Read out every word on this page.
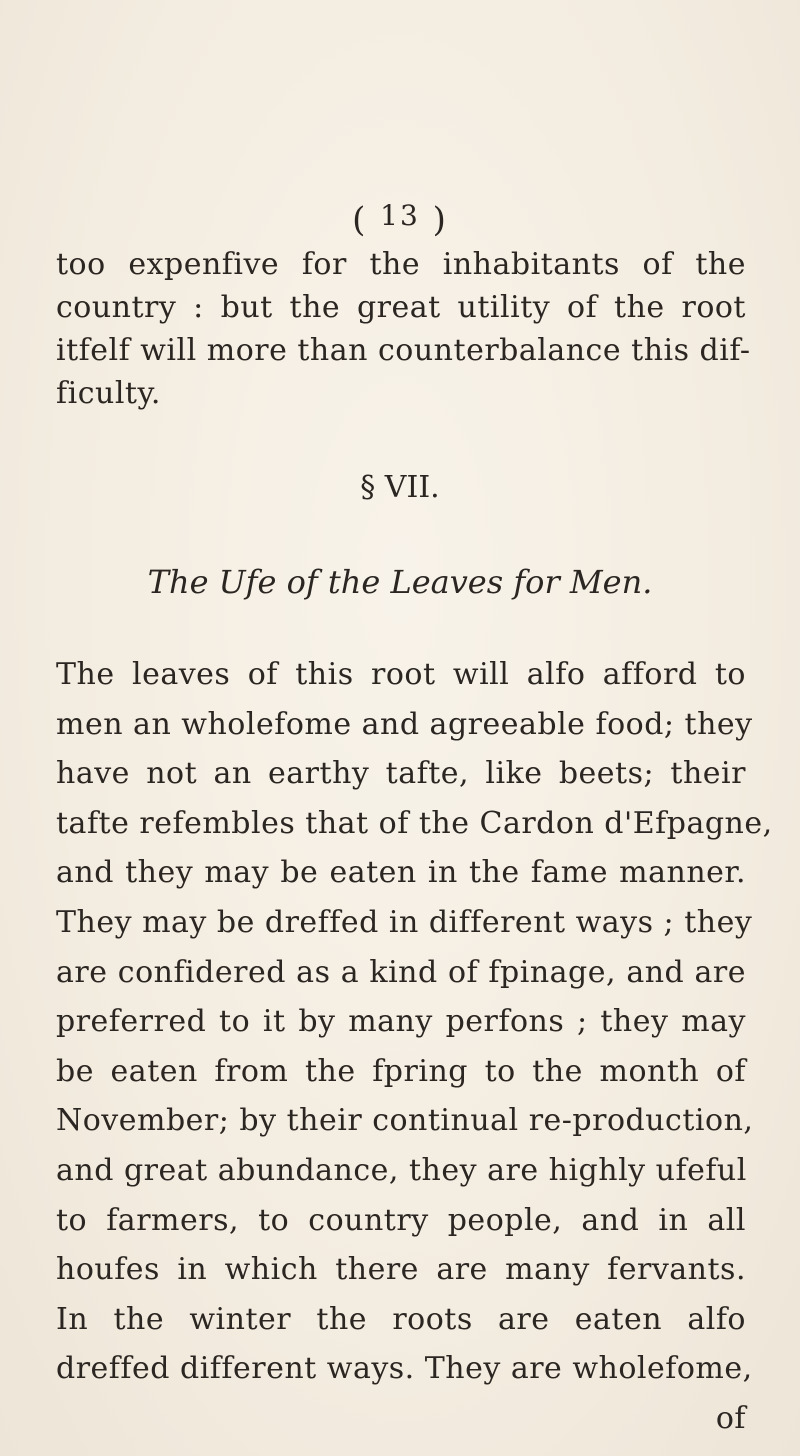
( 13 )
too expenfive for the inhabitants of the
country : but the great utility of the root
itfelf will more than counterbalance this dif-
ficulty.
§ VII.
The Ufe of the Leaves for Men.
The leaves of this root will alfo afford to
men an wholefome and agreeable food; they
have not an earthy tafte, like beets; their
tafte refembles that of the Cardon d'Efpagne,
and they may be eaten in the fame manner.
They may be dreffed in different ways ; they
are confidered as a kind of fpinage, and are
preferred to it by many perfons ; they may
be eaten from the fpring to the month of
November; by their continual re-production,
and great abundance, they are highly ufeful
to farmers, to country people, and in all
houfes in which there are many fervants.
In the winter the roots are eaten alfo
dreffed different ways. They are wholefome,
of
